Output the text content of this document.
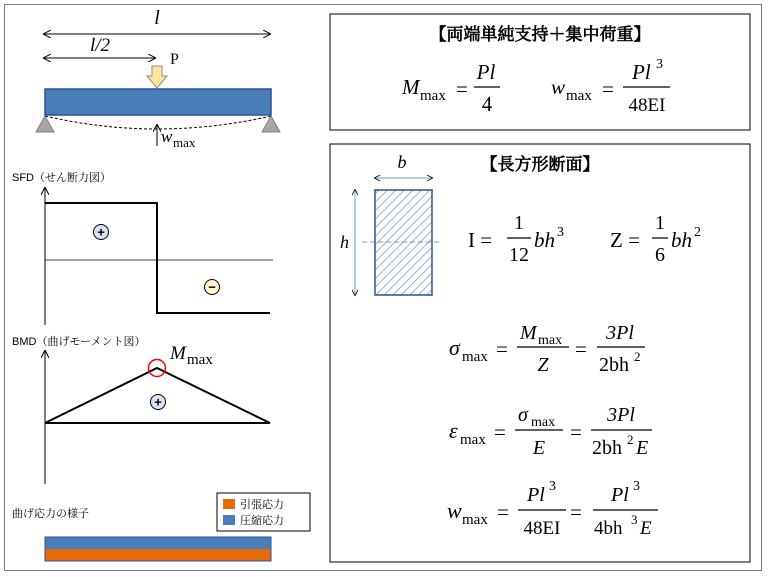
l
l/2
P
w max
SFD（せん断力図）
+
−
BMD（曲げモーメント図）
M max
+
曲げ応力の様子
引張応力
圧縮応力
【両端単純支持＋集中荷重】
M max =
Pl
4
w max =
Pl 3
48EI
【長方形断面】
b
h	I =
1
12
bh 3 Z =
1
6
bh 2
σ max =
M max
Z
=
3Pl
2bh 2
ε max =
σ max
E
=
3Pl
2bh 2 E
w max =
Pl 3
48EI
=
Pl 3
4bh 3 E
